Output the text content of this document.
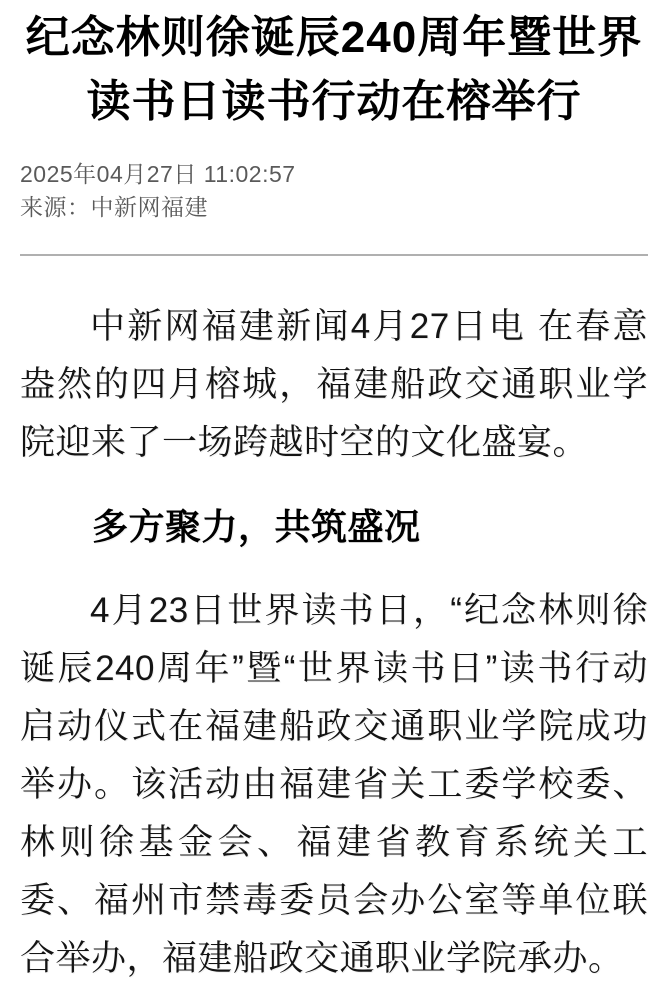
纪念林则徐诞辰240周年暨世界读书日读书行动在榕举行

2025年04月27日 11:02:57

来源：中新网福建

中新网福建新闻4月27日电 在春意盎然的四月榕城，福建船政交通职业学院迎来了一场跨越时空的文化盛宴。

多方聚力，共筑盛况

4月23日世界读书日，“纪念林则徐诞辰240周年”暨“世界读书日”读书行动启动仪式在福建船政交通职业学院成功举办。该活动由福建省关工委学校委、林则徐基金会、福建省教育系统关工委、福州市禁毒委员会办公室等单位联合举办，福建船政交通职业学院承办。
